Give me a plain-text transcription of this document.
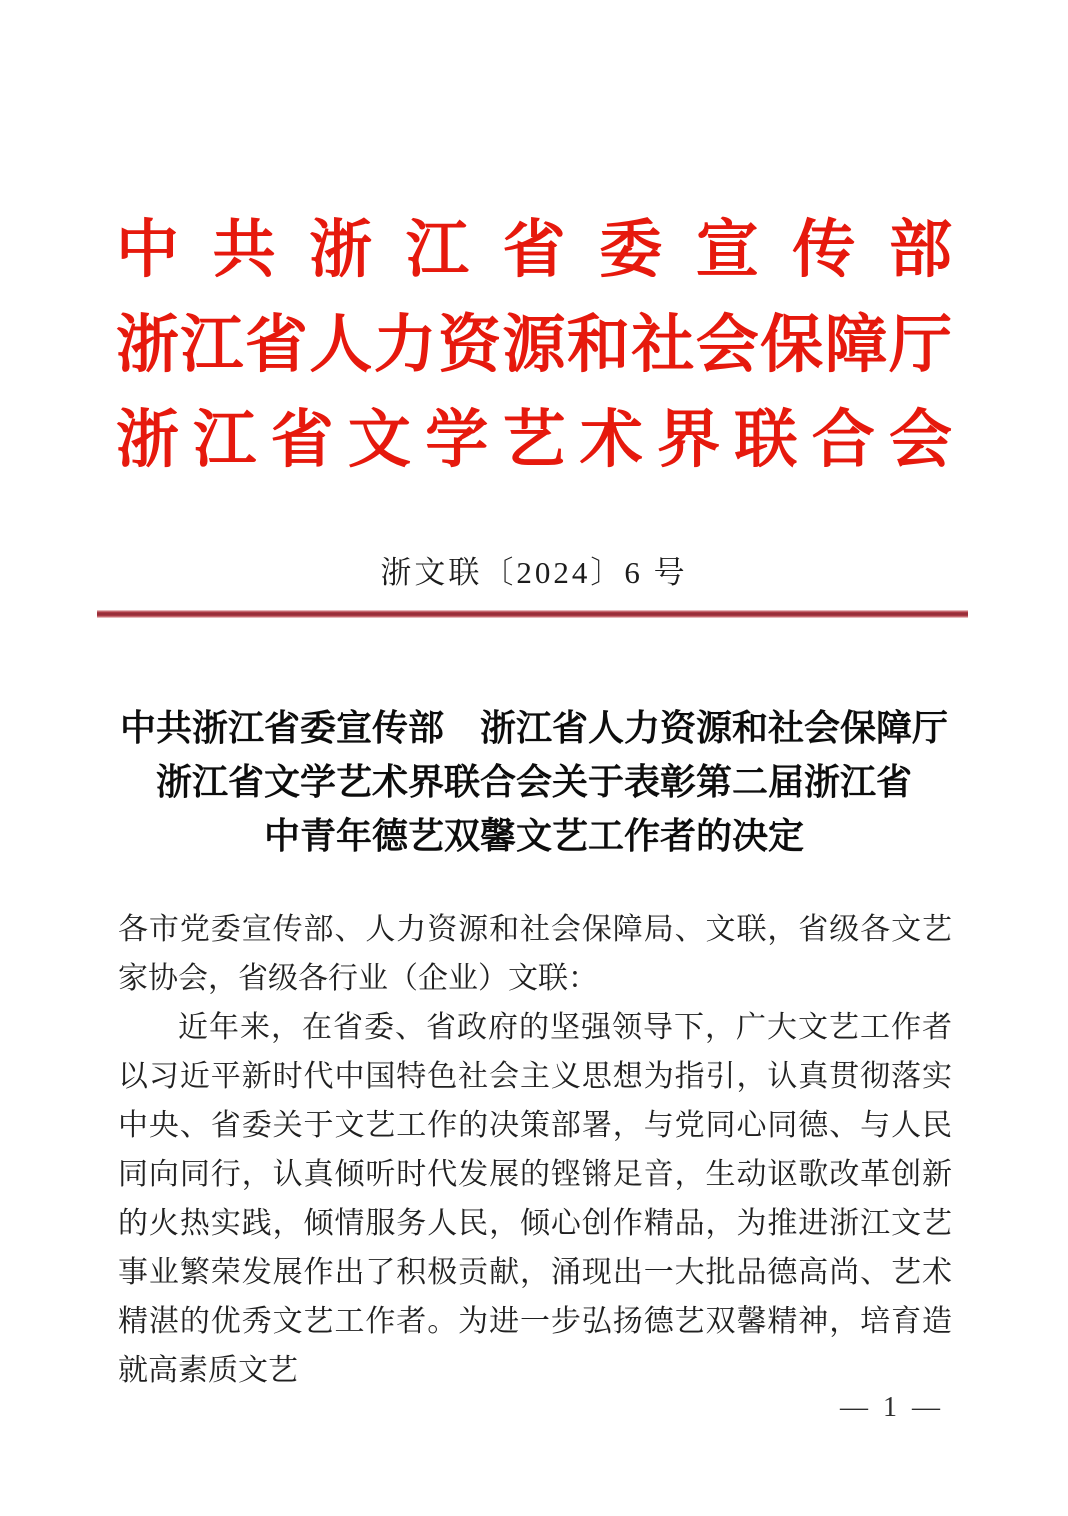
中共浙江省委宣传部
浙江省人力资源和社会保障厅
浙江省文学艺术界联合会
浙文联〔2024〕6 号
中共浙江省委宣传部　浙江省人力资源和社会保障厅
浙江省文学艺术界联合会关于表彰第二届浙江省
中青年德艺双馨文艺工作者的决定

各市党委宣传部、人力资源和社会保障局、文联，省级各文艺家协会，省级各行业（企业）文联：

近年来，在省委、省政府的坚强领导下，广大文艺工作者以习近平新时代中国特色社会主义思想为指引，认真贯彻落实中央、省委关于文艺工作的决策部署，与党同心同德、与人民同向同行，认真倾听时代发展的铿锵足音，生动讴歌改革创新的火热实践，倾情服务人民，倾心创作精品，为推进浙江文艺事业繁荣发展作出了积极贡献，涌现出一大批品德高尚、艺术精湛的优秀文艺工作者。为进一步弘扬德艺双馨精神，培育造就高素质文艺

— 1 —
